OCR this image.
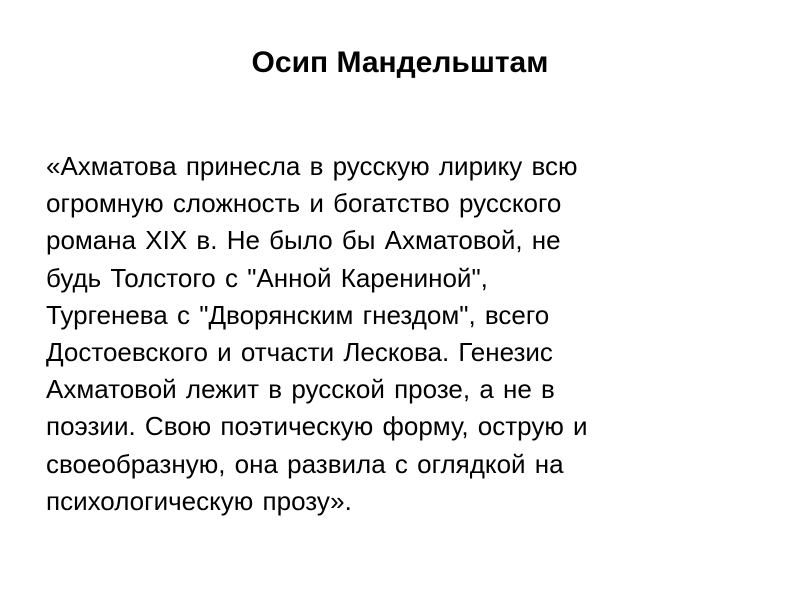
Осип Мандельштам

«Ахматова принесла в русскую лирику всю
огромную сложность и богатство русского
романа XIX в. Не было бы Ахматовой, не
будь Толстого с "Анной Карениной",
Тургенева с "Дворянским гнездом", всего
Достоевского и отчасти Лескова. Генезис
Ахматовой лежит в русской прозе, а не в
поэзии. Свою поэтическую форму, острую и
своеобразную, она развила с оглядкой на
психологическую прозу».
